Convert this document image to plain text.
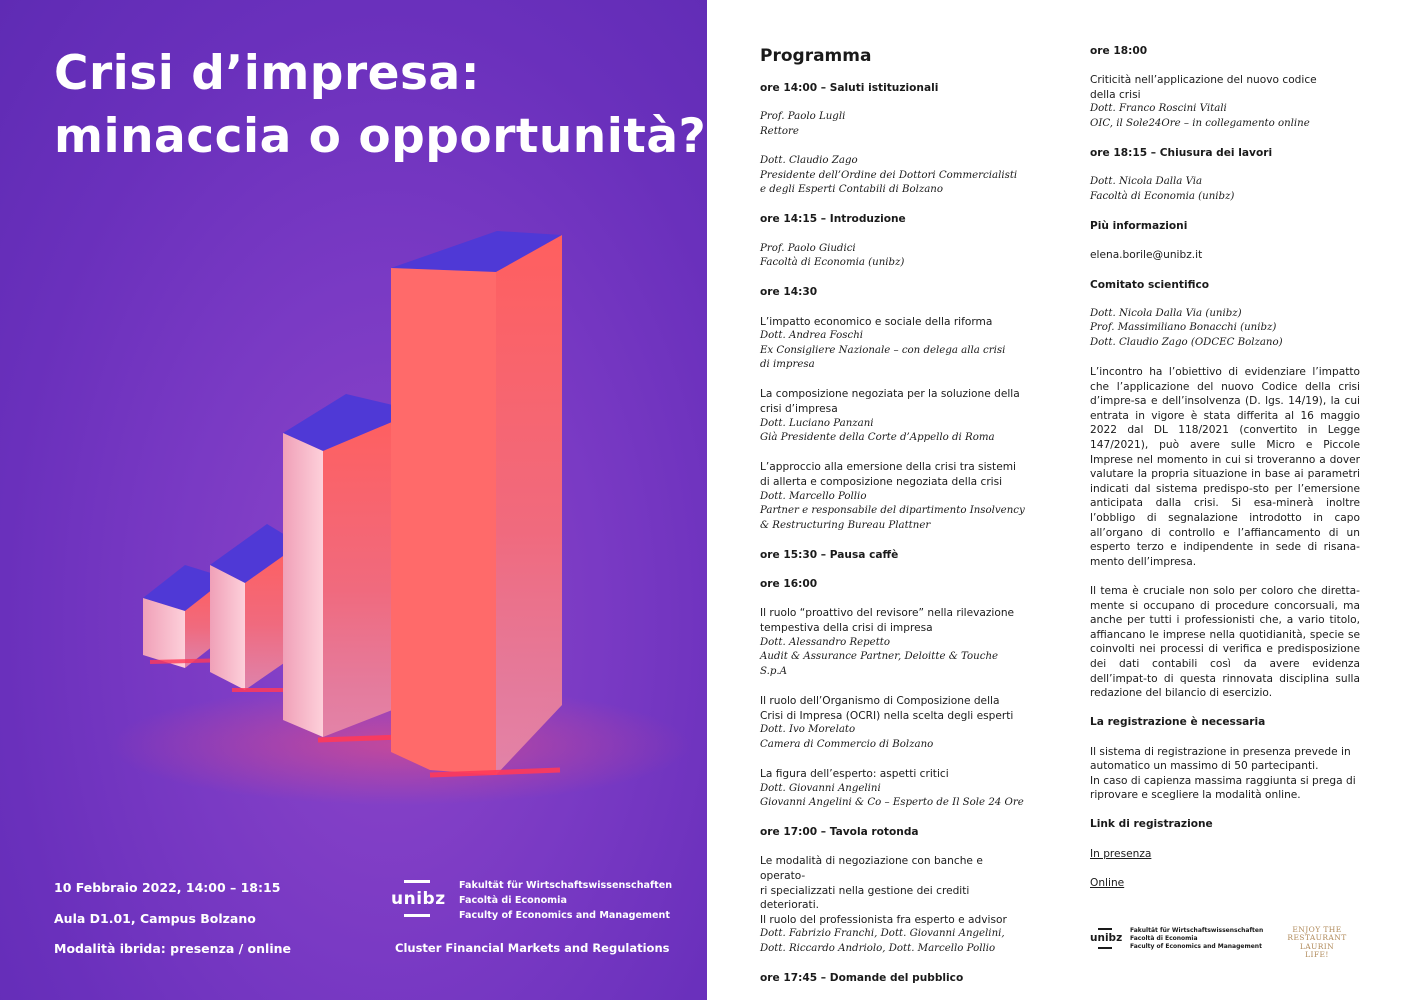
Crisi d’impresa:
minaccia o opportunità?
10 Febbraio 2022, 14:00 – 18:15
Aula D1.01, Campus Bolzano
Modalità ibrida: presenza / online
unibz
Fakultät für Wirtschaftswissenschaften
Facoltà di Economia
Faculty of Economics and Management
Cluster Financial Markets and Regulations
Programma
ore 14:00 – Saluti istituzionali
Prof. Paolo Lugli
Rettore
Dott. Claudio Zago
Presidente dell’Ordine dei Dottori Commercialisti
e degli Esperti Contabili di Bolzano
ore 14:15 – Introduzione
Prof. Paolo Giudici
Facoltà di Economia (unibz)
ore 14:30
L’impatto economico e sociale della riforma
Dott. Andrea Foschi
Ex Consigliere Nazionale – con delega alla crisi
di impresa
La composizione negoziata per la soluzione della
crisi d’impresa
Dott. Luciano Panzani
Già Presidente della Corte d’Appello di Roma
L’approccio alla emersione della crisi tra sistemi
di allerta e composizione negoziata della crisi
Dott. Marcello Pollio
Partner e responsabile del dipartimento Insolvency
& Restructuring Bureau Plattner
ore 15:30 – Pausa caffè
ore 16:00
Il ruolo “proattivo del revisore” nella rilevazione
tempestiva della crisi di impresa
Dott. Alessandro Repetto
Audit & Assurance Partner, Deloitte & Touche S.p.A
Il ruolo dell’Organismo di Composizione della
Crisi di Impresa (OCRI) nella scelta degli esperti
Dott. Ivo Morelato
Camera di Commercio di Bolzano
La figura dell’esperto: aspetti critici
Dott. Giovanni Angelini
Giovanni Angelini & Co – Esperto de Il Sole 24 Ore
ore 17:00 – Tavola rotonda
Le modalità di negoziazione con banche e operato-
ri specializzati nella gestione dei crediti deteriorati.
Il ruolo del professionista fra esperto e advisor
Dott. Fabrizio Franchi, Dott. Giovanni Angelini,
Dott. Riccardo Andriolo, Dott. Marcello Pollio
ore 17:45 – Domande del pubblico
ore 18:00
Criticità nell’applicazione del nuovo codice
della crisi
Dott. Franco Roscini Vitali
OIC, il Sole24Ore – in collegamento online
ore 18:15 – Chiusura dei lavori
Dott. Nicola Dalla Via
Facoltà di Economia (unibz)
Più informazioni
elena.borile@unibz.it
Comitato scientifico
Dott. Nicola Dalla Via (unibz)
Prof. Massimiliano Bonacchi (unibz)
Dott. Claudio Zago (ODCEC Bolzano)
L’incontro ha l’obiettivo di evidenziare l’impatto che l’applicazione del nuovo Codice della crisi d’impre-sa e dell’insolvenza (D. lgs. 14/19), la cui entrata in vigore è stata differita al 16 maggio 2022 dal DL 118/2021 (convertito in Legge 147/2021), può avere sulle Micro e Piccole Imprese nel momento in cui si troveranno a dover valutare la propria situazione in base ai parametri indicati dal sistema predispo-sto per l’emersione anticipata dalla crisi. Si esa-minerà inoltre l’obbligo di segnalazione introdotto in capo all’organo di controllo e l’affiancamento di un esperto terzo e indipendente in sede di risana-mento dell’impresa.
Il tema è cruciale non solo per coloro che diretta-mente si occupano di procedure concorsuali, ma anche per tutti i professionisti che, a vario titolo, affiancano le imprese nella quotidianità, specie se coinvolti nei processi di verifica e predisposizione dei dati contabili così da avere evidenza dell’impat-to di questa rinnovata disciplina sulla redazione del bilancio di esercizio.
La registrazione è necessaria
Il sistema di registrazione in presenza prevede in
automatico un massimo di 50 partecipanti.
In caso di capienza massima raggiunta si prega di
riprovare e scegliere la modalità online.
Link di registrazione
In presenza
Online
unibz
Fakultät für Wirtschaftswissenschaften
Facoltà di Economia
Faculty of Economics and Management
ENJOY THE
RESTAURANT LAURIN
LIFE!
